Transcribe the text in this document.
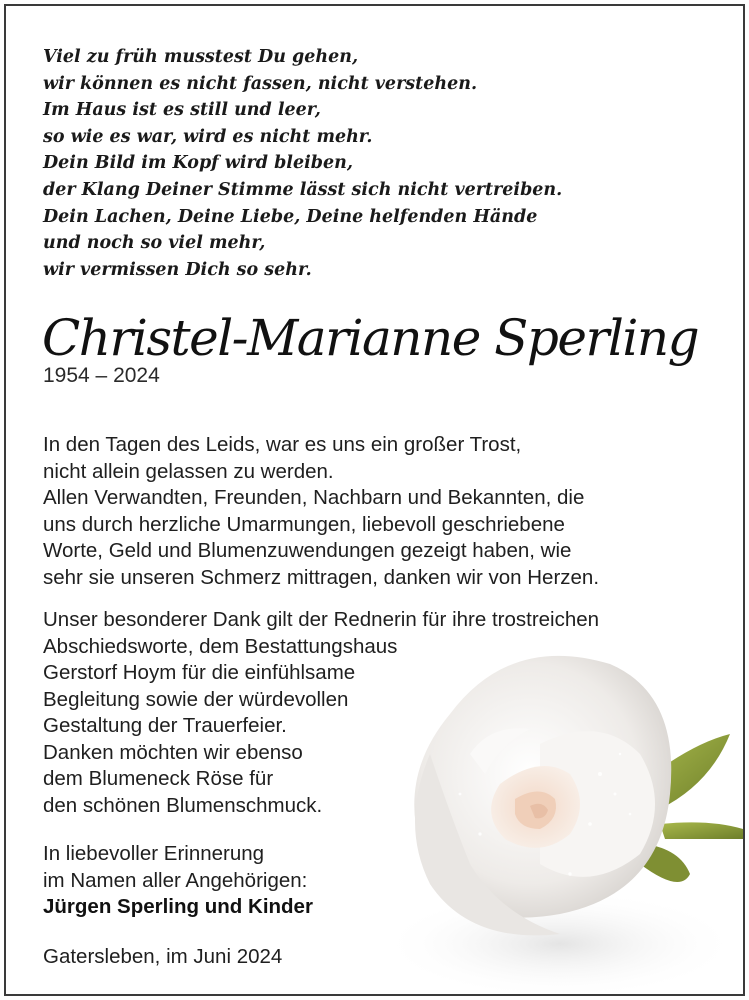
Viel zu früh musstest Du gehen,
wir können es nicht fassen, nicht verstehen.
Im Haus ist es still und leer,
so wie es war, wird es nicht mehr.
Dein Bild im Kopf wird bleiben,
der Klang Deiner Stimme lässt sich nicht vertreiben.
Dein Lachen, Deine Liebe, Deine helfenden Hände
und noch so viel mehr,
wir vermissen Dich so sehr.
Christel-Marianne Sperling
1954 – 2024
In den Tagen des Leids, war es uns ein großer Trost,
nicht allein gelassen zu werden.
Allen Verwandten, Freunden, Nachbarn und Bekannten, die
uns durch herzliche Umarmungen, liebevoll geschriebene
Worte, Geld und Blumenzuwendungen gezeigt haben, wie
sehr sie unseren Schmerz mittragen, danken wir von Herzen.
Unser besonderer Dank gilt der Rednerin für ihre trostreichen
Abschiedsworte, dem Bestattungshaus
Gerstorf Hoym für die einfühlsame
Begleitung sowie der würdevollen
Gestaltung der Trauerfeier.
Danken möchten wir ebenso
dem Blumeneck Röse für
den schönen Blumenschmuck.
In liebevoller Erinnerung
im Namen aller Angehörigen:
Jürgen Sperling und Kinder
Gatersleben, im Juni 2024
